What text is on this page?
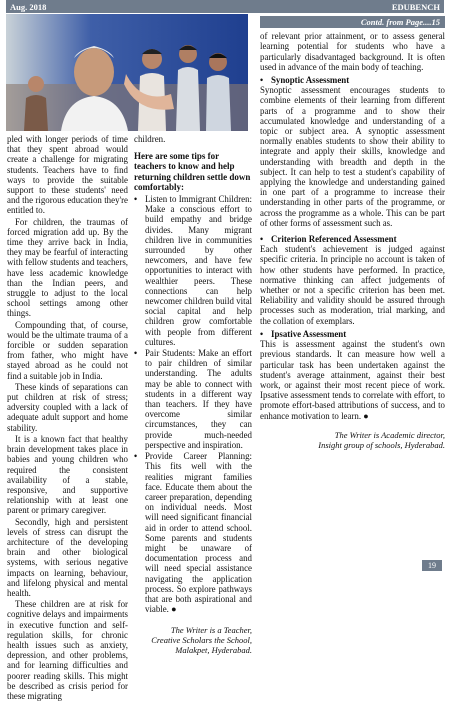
Aug. 2018	EDUBENCH

pled with longer periods of time that they spent abroad would create a challenge for migrating students. Teachers have to find ways to provide the suitable support to these students' need and the rigorous education they're entitled to.

For children, the traumas of forced migration add up. By the time they arrive back in India, they may be fearful of interacting with fellow students and teachers, have less academic knowledge than the Indian peers, and struggle to adjust to the local school settings among other things.

Compounding that, of course, would be the ultimate trauma of a forcible or sudden separation from father, who might have stayed abroad as he could not find a suitable job in India.

These kinds of separations can put children at risk of stress; adversity coupled with a lack of adequate adult support and home stability.

It is a known fact that healthy brain development takes place in babies and young children who required the consistent availability of a stable, responsive, and supportive relationship with at least one parent or primary caregiver.

Secondly, high and persistent levels of stress can disrupt the architecture of the developing brain and other biological systems, with serious negative impacts on learning, behaviour, and lifelong physical and mental health.

These children are at risk for cognitive delays and impairments in executive function and self-regulation skills, for chronic health issues such as anxiety, depression, and other problems, and for learning difficulties and poorer reading skills. This might be described as crisis period for these migrating

children.

Here are some tips for teachers to know and help returning children settle down comfortably:
• Listen to Immigrant Children: Make a conscious effort to build empathy and bridge divides. Many migrant children live in communities surrounded by other newcomers, and have few opportunities to interact with wealthier peers. These connections can help newcomer children build vital social capital and help children grow comfortable with people from different cultures.
• Pair Students: Make an effort to pair children of similar understanding. The adults may be able to connect with students in a different way than teachers. If they have overcome similar circumstances, they can provide much-needed perspective and inspiration.
• Provide Career Planning: This fits well with the realities migrant families face. Educate them about the career preparation, depending on individual needs. Most will need significant financial aid in order to attend school. Some parents and students might be unaware of documentation process and will need special assistance navigating the application process. So explore pathways that are both aspirational and viable. ●
The Writer is a Teacher,
Creative Scholars the School,
Malakpet, Hyderabad.
Contd. from Page....15

of relevant prior attainment, or to assess general learning potential for students who have a particularly disadvantaged background. It is often used in advance of the main body of teaching.

• Synoptic Assessment

Synoptic assessment encourages students to combine elements of their learning from different parts of a programme and to show their accumulated knowledge and understanding of a topic or subject area. A synoptic assessment normally enables students to show their ability to integrate and apply their skills, knowledge and understanding with breadth and depth in the subject. It can help to test a student's capability of applying the knowledge and understanding gained in one part of a programme to increase their understanding in other parts of the programme, or across the programme as a whole. This can be part of other forms of assessment such as.

• Criterion Referenced Assessment

Each student's achievement is judged against specific criteria. In principle no account is taken of how other students have performed. In practice, normative thinking can affect judgements of whether or not a specific criterion has been met. Reliability and validity should be assured through processes such as moderation, trial marking, and the collation of exemplars.

• Ipsative Assessment

This is assessment against the student's own previous standards. It can measure how well a particular task has been undertaken against the student's average attainment, against their best work, or against their most recent piece of work. Ipsative assessment tends to correlate with effort, to promote effort-based attributions of success, and to enhance motivation to learn. ●

The Writer is Academic director,
Insight group of schools, Hyderabad.
19
